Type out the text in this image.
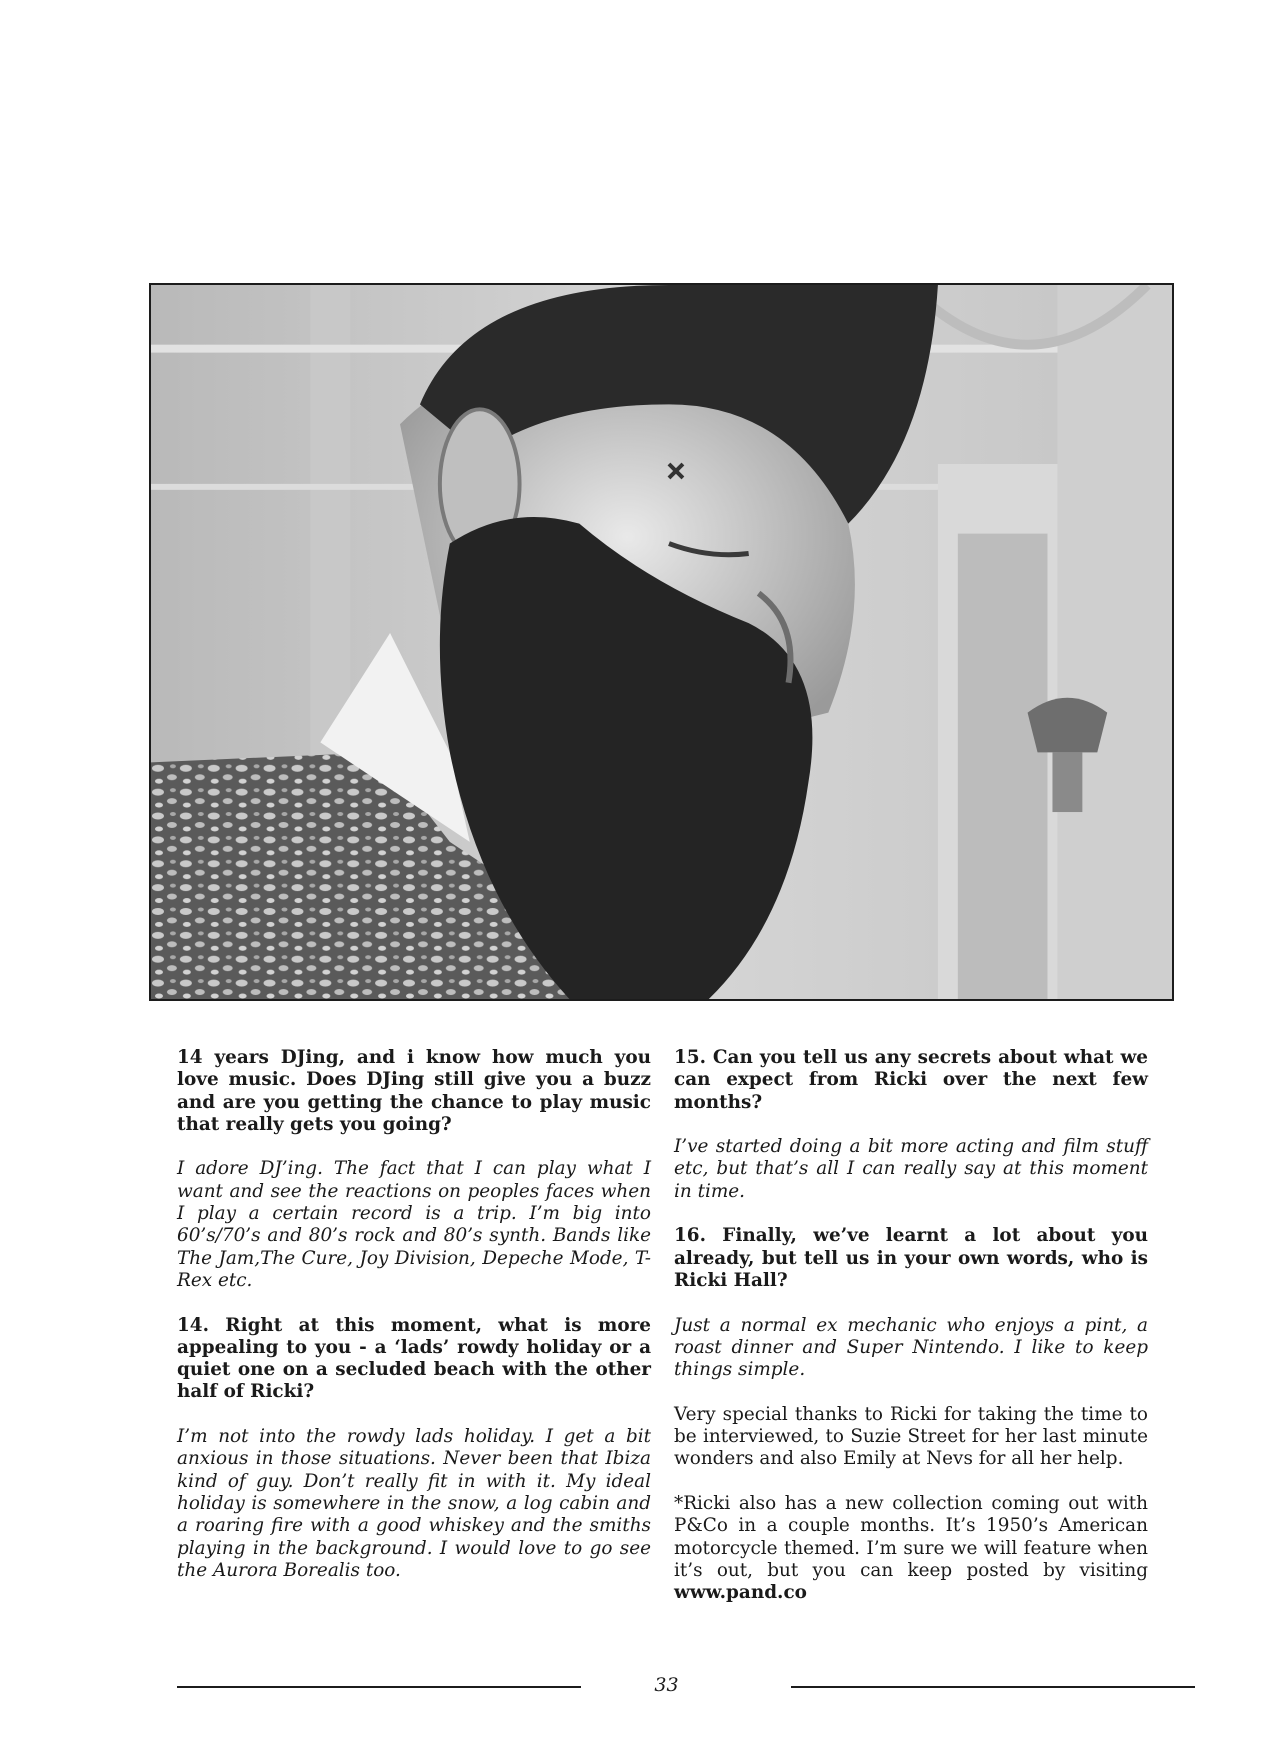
14 years DJing, and i know how much you love music. Does DJing still give you a buzz and are you getting the chance to play music that really gets you going?

I adore DJ’ing. The fact that I can play what I want and see the reactions on peoples faces when I play a certain record is a trip. I’m big into 60’s/70’s and 80’s rock and 80’s synth. Bands like The Jam,The Cure, Joy Division, Depeche Mode, T-Rex etc.

14. Right at this moment, what is more appealing to you - a ‘lads’ rowdy holiday or a quiet one on a secluded beach with the other half of Ricki?

I’m not into the rowdy lads holiday. I get a bit anxious in those situations. Never been that Ibiza kind of guy. Don’t really fit in with it. My ideal holiday is somewhere in the snow, a log cabin and a roaring fire with a good whiskey and the smiths playing in the background. I would love to go see the Aurora Borealis too.

15. Can you tell us any secrets about what we can expect from Ricki over the next few months?

I’ve started doing a bit more acting and film stuff etc, but that’s all I can really say at this moment in time.

16. Finally, we’ve learnt a lot about you already, but tell us in your own words, who is Ricki Hall?

Just a normal ex mechanic who enjoys a pint, a roast dinner and Super Nintendo. I like to keep things simple.

Very special thanks to Ricki for taking the time to be interviewed, to Suzie Street for her last minute wonders and also Emily at Nevs for all her help.

*Ricki also has a new collection coming out with P&Co in a couple months. It’s 1950’s American motorcycle themed. I’m sure we will feature when it’s out, but you can keep posted by visiting www.pand.co

33
